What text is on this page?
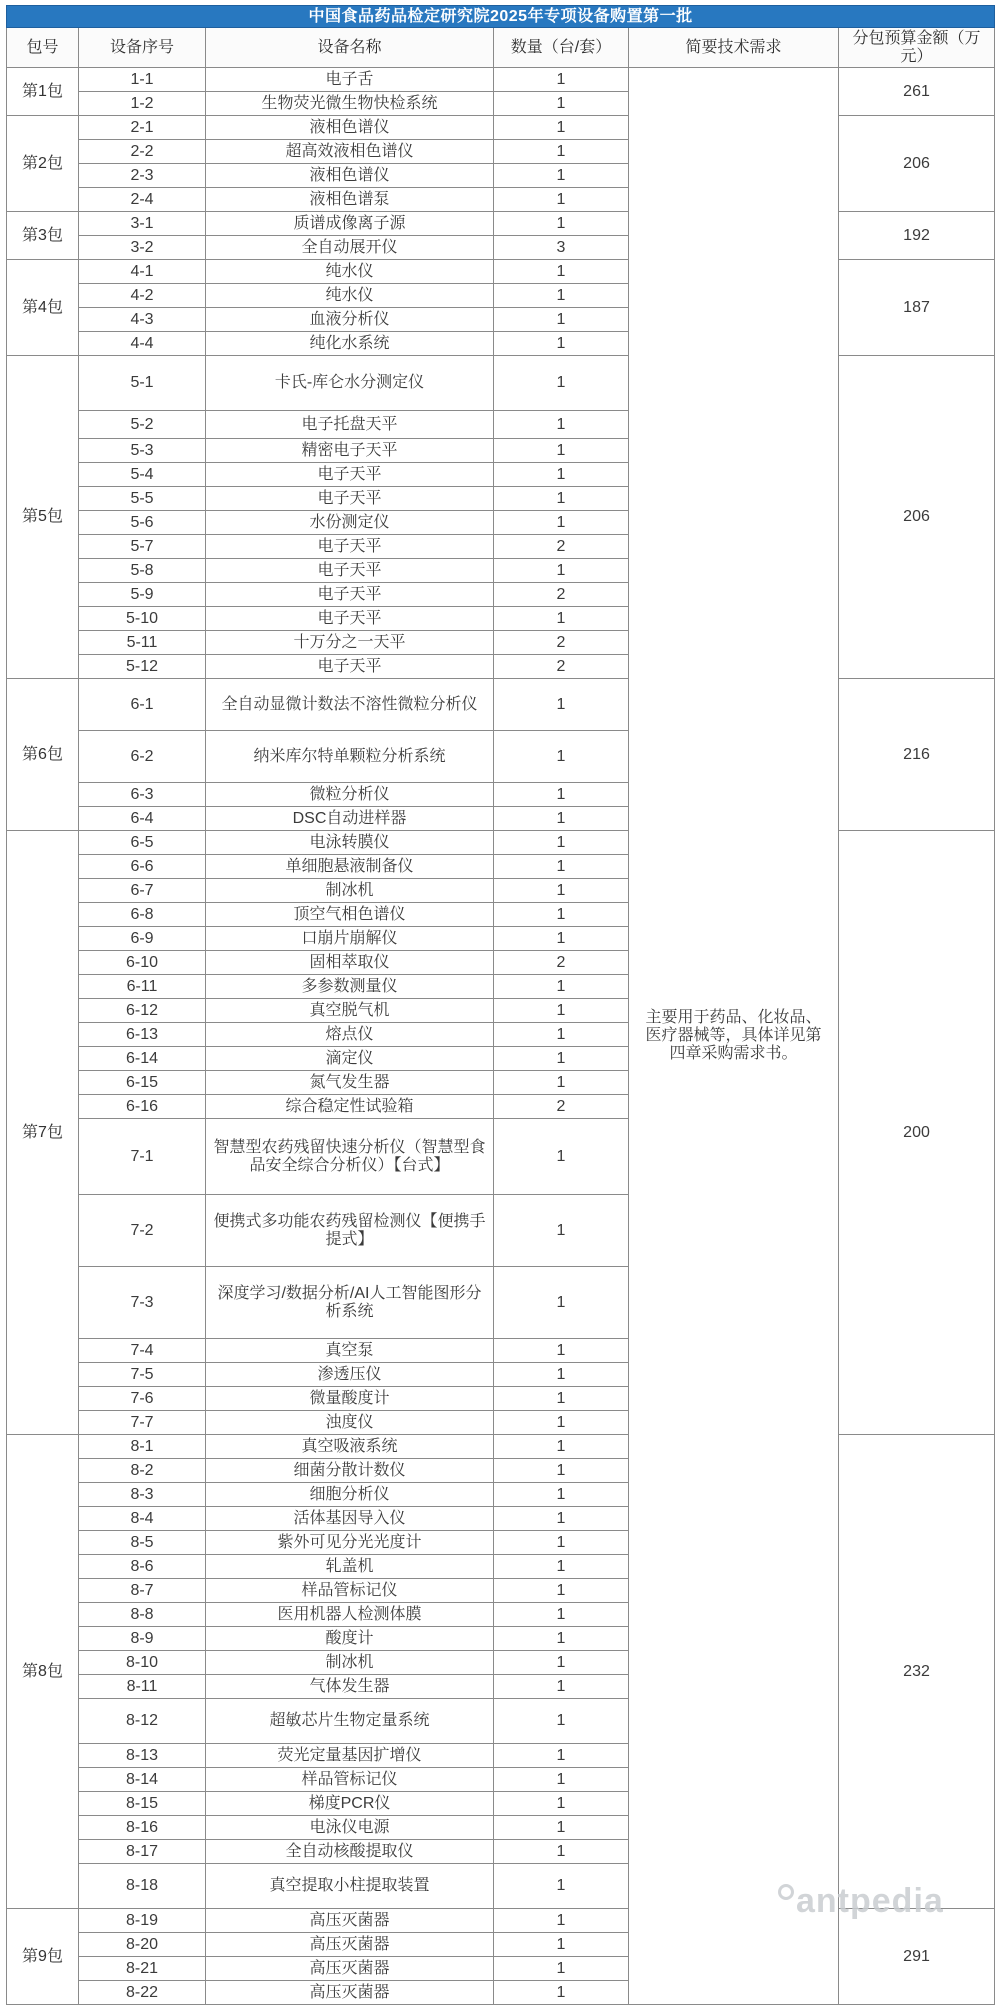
中国食品药品检定研究院2025年专项设备购置第一批					
包号	设备序号	设备名称	数量（台/套）	简要技术需求	分包预算金额（万元）
第1包	1-1	电子舌	1	主要用于药品、化妆品、医疗器械等，具体详见第四章采购需求书。	261
	1-2	生物荧光微生物快检系统	1		
第2包	2-1	液相色谱仪	1		206
	2-2	超高效液相色谱仪	1		
	2-3	液相色谱仪	1		
	2-4	液相色谱泵	1		
第3包	3-1	质谱成像离子源	1		192
	3-2	全自动展开仪	3		
第4包	4-1	纯水仪	1		187
	4-2	纯水仪	1		
	4-3	血液分析仪	1		
	4-4	纯化水系统	1		
第5包	5-1	卡氏-库仑水分测定仪	1		206
	5-2	电子托盘天平	1		
	5-3	精密电子天平	1		
	5-4	电子天平	1		
	5-5	电子天平	1		
	5-6	水份测定仪	1		
	5-7	电子天平	2		
	5-8	电子天平	1		
	5-9	电子天平	2		
	5-10	电子天平	1		
	5-11	十万分之一天平	2		
	5-12	电子天平	2		
第6包	6-1	全自动显微计数法不溶性微粒分析仪	1		216
	6-2	纳米库尔特单颗粒分析系统	1		
	6-3	微粒分析仪	1		
	6-4	DSC自动进样器	1		
第7包	6-5	电泳转膜仪	1		200
	6-6	单细胞悬液制备仪	1		
	6-7	制冰机	1		
	6-8	顶空气相色谱仪	1		
	6-9	口崩片崩解仪	1		
	6-10	固相萃取仪	2		
	6-11	多参数测量仪	1		
	6-12	真空脱气机	1		
	6-13	熔点仪	1		
	6-14	滴定仪	1		
	6-15	氮气发生器	1		
	6-16	综合稳定性试验箱	2		
	7-1	智慧型农药残留快速分析仪（智慧型食品安全综合分析仪）【台式】	1		
	7-2	便携式多功能农药残留检测仪【便携手提式】	1		
	7-3	深度学习/数据分析/AI人工智能图形分析系统	1		
	7-4	真空泵	1		
	7-5	渗透压仪	1		
	7-6	微量酸度计	1		
	7-7	浊度仪	1		
第8包	8-1	真空吸液系统	1		232
	8-2	细菌分散计数仪	1		
	8-3	细胞分析仪	1		
	8-4	活体基因导入仪	1		
	8-5	紫外可见分光光度计	1		
	8-6	轧盖机	1		
	8-7	样品管标记仪	1		
	8-8	医用机器人检测体膜	1		
	8-9	酸度计	1		
	8-10	制冰机	1		
	8-11	气体发生器	1		
	8-12	超敏芯片生物定量系统	1		
	8-13	荧光定量基因扩增仪	1		
	8-14	样品管标记仪	1		
	8-15	梯度PCR仪	1		
	8-16	电泳仪电源	1		
	8-17	全自动核酸提取仪	1		
	8-18	真空提取小柱提取装置	1		
第9包	8-19	高压灭菌器	1		291
	8-20	高压灭菌器	1		
	8-21	高压灭菌器	1		
	8-22	高压灭菌器	1		
antpedia
